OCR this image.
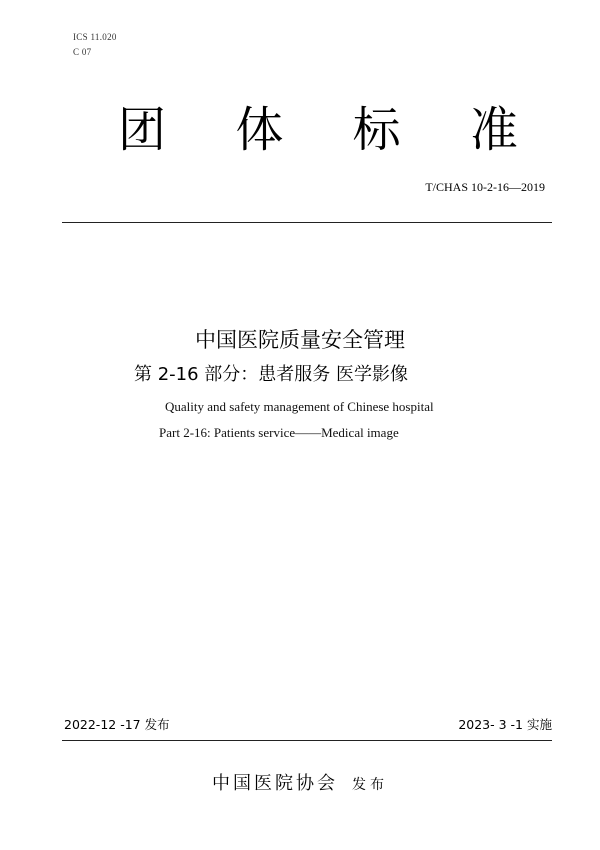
ICS 11.020
C 07
团 体 标 准
T/CHAS 10-2-16—2019
中国医院质量安全管理
第 2-16 部分：患者服务 医学影像
Quality and safety management of Chinese hospital
Part 2-16: Patients service——Medical image
2022-12 -17 发布	2023- 3 -1 实施
中国医院协会 发布
